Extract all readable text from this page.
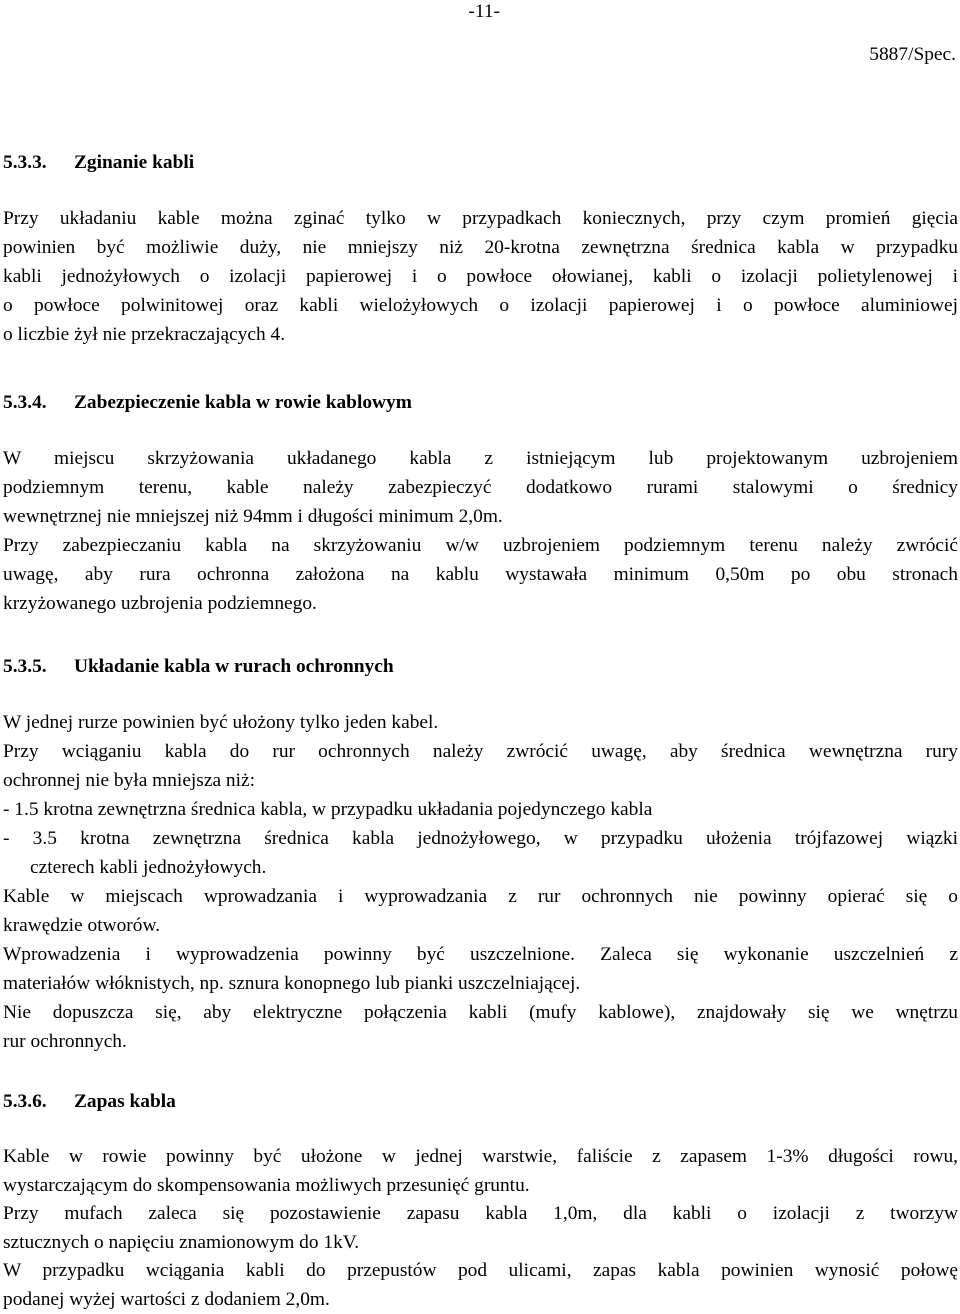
-11-
5887/Spec.
5.3.3. Zginanie kabli
Przy układaniu kable można zginać tylko w przypadkach koniecznych, przy czym promień gięcia
powinien być możliwie duży, nie mniejszy niż 20-krotna zewnętrzna średnica kabla w przypadku
kabli jednożyłowych o izolacji papierowej i o powłoce ołowianej, kabli o izolacji polietylenowej i
o powłoce polwinitowej oraz kabli wielożyłowych o izolacji papierowej i o powłoce aluminiowej
o liczbie żył nie przekraczających 4.
5.3.4. Zabezpieczenie kabla w rowie kablowym
W miejscu skrzyżowania układanego kabla z istniejącym lub projektowanym uzbrojeniem
podziemnym terenu, kable należy zabezpieczyć dodatkowo rurami stalowymi o średnicy
wewnętrznej nie mniejszej niż 94mm i długości minimum 2,0m.
Przy zabezpieczaniu kabla na skrzyżowaniu w/w uzbrojeniem podziemnym terenu należy zwrócić
uwagę, aby rura ochronna założona na kablu wystawała minimum 0,50m po obu stronach
krzyżowanego uzbrojenia podziemnego.
5.3.5. Układanie kabla w rurach ochronnych
W jednej rurze powinien być ułożony tylko jeden kabel.
Przy wciąganiu kabla do rur ochronnych należy zwrócić uwagę, aby średnica wewnętrzna rury
ochronnej nie była mniejsza niż:
- 1.5 krotna zewnętrzna średnica kabla, w przypadku układania pojedynczego kabla
- 3.5 krotna zewnętrzna średnica kabla jednożyłowego, w przypadku ułożenia trójfazowej wiązki
czterech kabli jednożyłowych.
Kable w miejscach wprowadzania i wyprowadzania z rur ochronnych nie powinny opierać się o
krawędzie otworów.
Wprowadzenia i wyprowadzenia powinny być uszczelnione. Zaleca się wykonanie uszczelnień z
materiałów włóknistych, np. sznura konopnego lub pianki uszczelniającej.
Nie dopuszcza się, aby elektryczne połączenia kabli (mufy kablowe), znajdowały się we wnętrzu
rur ochronnych.
5.3.6. Zapas kabla
Kable w rowie powinny być ułożone w jednej warstwie, faliście z zapasem 1-3% długości rowu,
wystarczającym do skompensowania możliwych przesunięć gruntu.
Przy mufach zaleca się pozostawienie zapasu kabla 1,0m, dla kabli o izolacji z tworzyw
sztucznych o napięciu znamionowym do 1kV.
W przypadku wciągania kabli do przepustów pod ulicami, zapas kabla powinien wynosić połowę
podanej wyżej wartości z dodaniem 2,0m.
